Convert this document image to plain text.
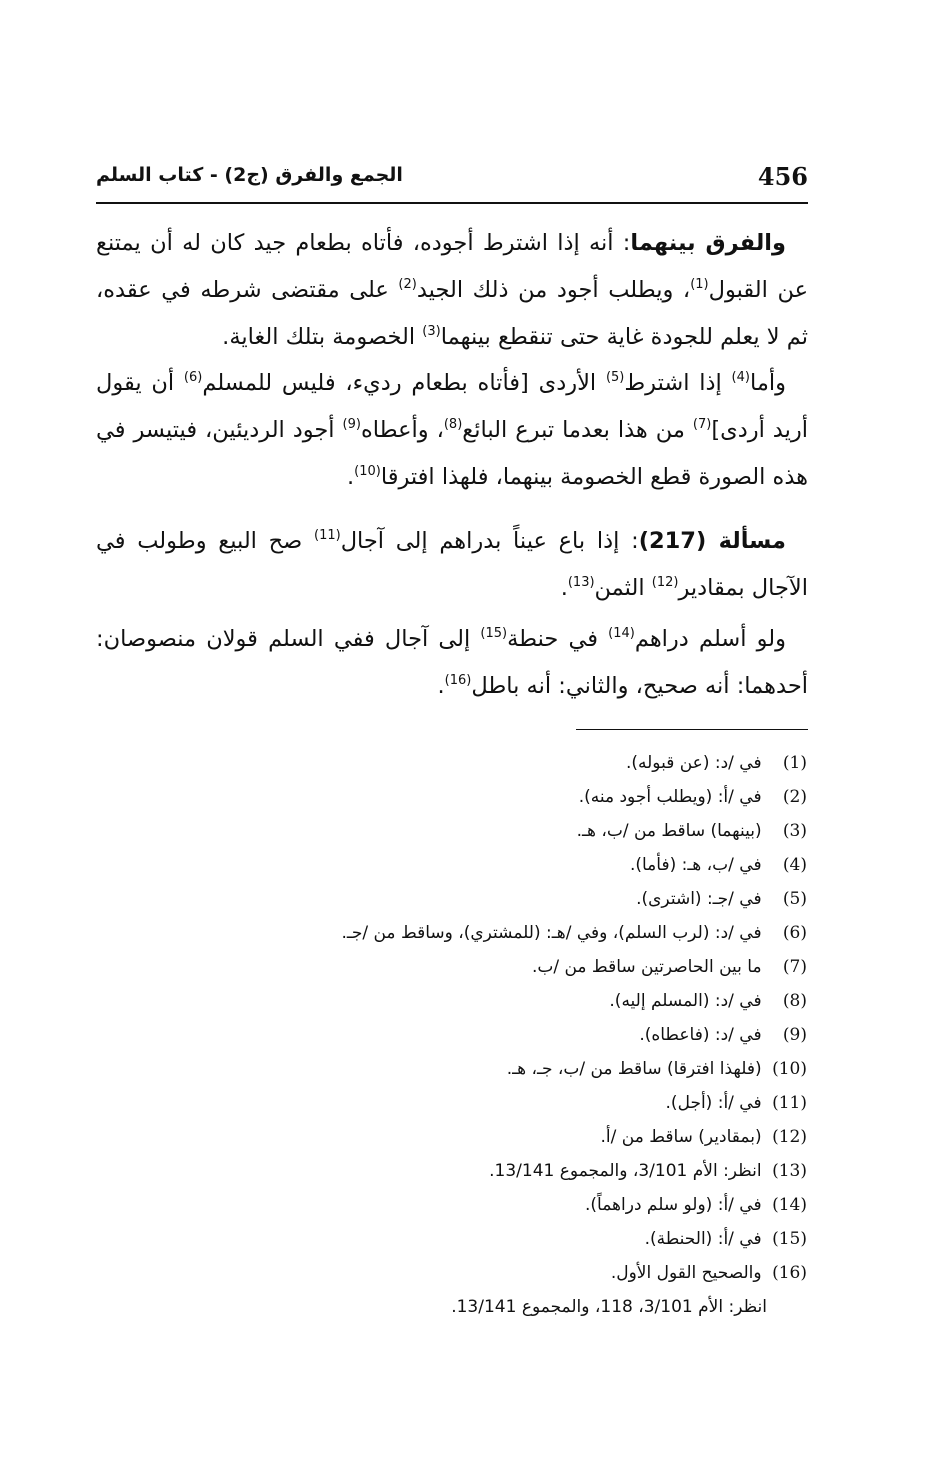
456
الجمع والفرق (ج2) - كتاب السلم

والفرق بينهما: أنه إذا اشترط أجوده، فأتاه بطعام جيد كان له أن يمتنع عن القبول$^{(1)}$، ويطلب أجود من ذلك الجيد$^{(2)}$ على مقتضى شرطه في عقده، ثم لا يعلم للجودة غاية حتى تنقطع بينهما$^{(3)}$ الخصومة بتلك الغاية.

وأما$^{(4)}$ إذا اشترط$^{(5)}$ الأردى [فأتاه بطعام رديء، فليس للمسلم$^{(6)}$ أن يقول أريد أردى]$^{(7)}$ من هذا بعدما تبرع البائع$^{(8)}$، وأعطاه$^{(9)}$ أجود الرديئين، فيتيسر في هذه الصورة قطع الخصومة بينهما، فلهذا افترقا$^{(10)}$.

مسألة (217): إذا باع عيناً بدراهم إلى آجال$^{(11)}$ صح البيع وطولب في الآجال بمقادير$^{(12)}$ الثمن$^{(13)}$.

ولو أسلم دراهم$^{(14)}$ في حنطة$^{(15)}$ إلى آجال ففي السلم قولان منصوصان: أحدهما: أنه صحيح، والثاني: أنه باطل$^{(16)}$.

(1) في /د: (عن قبوله).
(2) في /أ: (ويطلب أجود منه).
(3) (بينهما) ساقط من /ب، هـ.
(4) في /ب، هـ: (فأما).
(5) في /جـ: (اشترى).
(6) في /د: (لرب السلم)، وفي /هـ: (للمشتري)، وساقط من /جـ.
(7) ما بين الحاصرتين ساقط من /ب.
(8) في /د: (المسلم إليه).
(9) في /د: (فاعطاه).
(10) (فلهذا افترقا) ساقط من /ب، جـ، هـ.
(11) في /أ: (أجل).
(12) (بمقادير) ساقط من /أ.
(13) انظر: الأم 3/101، والمجموع 13/141.
(14) في /أ: (ولو سلم دراهماً).
(15) في /أ: (الحنطة).
(16) والصحيح القول الأول.
انظر: الأم 3/101، 118، والمجموع 13/141.
